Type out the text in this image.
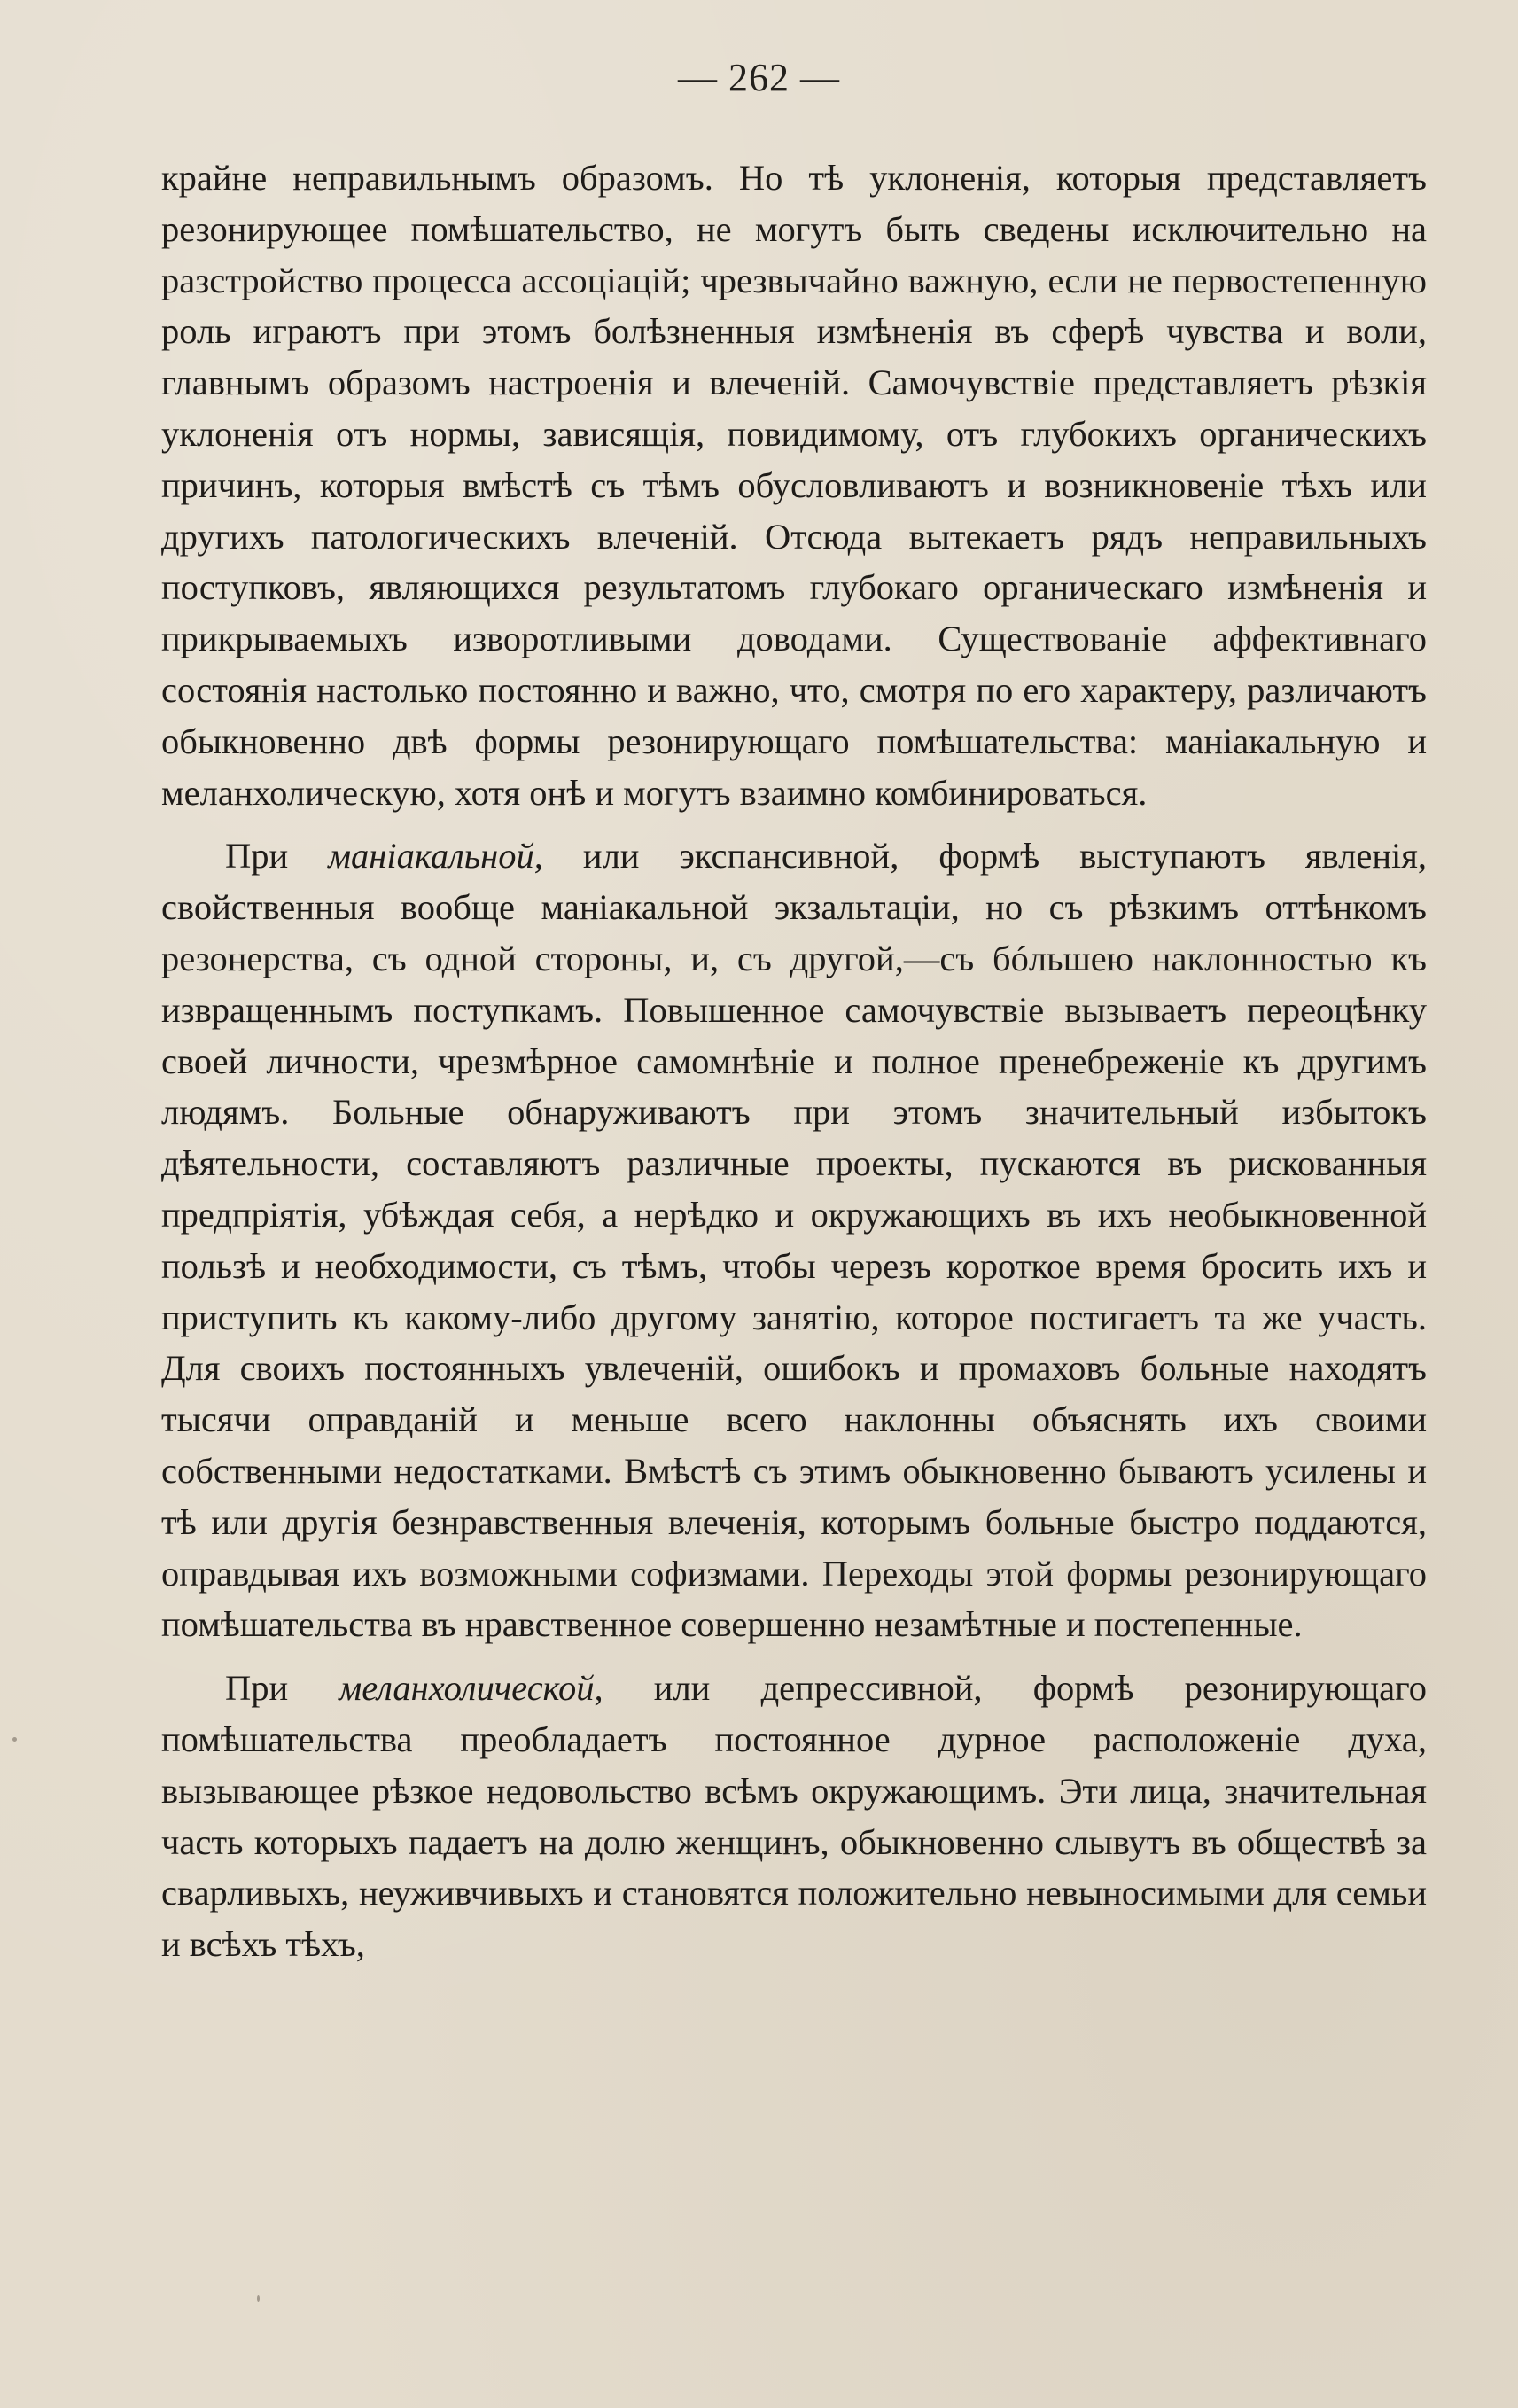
— 262 —

крайне неправильнымъ образомъ. Но тѣ уклоненія, которыя представляетъ резонирующее помѣшательство, не могутъ быть сведены исключительно на разстройство процесса ассоціацій; чрезвычайно важную, если не первостепенную роль играютъ при этомъ болѣзненныя измѣненія въ сферѣ чувства и воли, главнымъ образомъ настроенія и влеченій. Самочувствіе представляетъ рѣзкія уклоненія отъ нормы, зависящія, повидимому, отъ глубокихъ органическихъ причинъ, которыя вмѣстѣ съ тѣмъ обусловливаютъ и возникновеніе тѣхъ или другихъ патологическихъ влеченій. Отсюда вытекаетъ рядъ неправильныхъ поступковъ, являющихся результатомъ глубокаго органическаго измѣненія и прикрываемыхъ изворотливыми доводами. Существованіе аффективнаго состоянія настолько постоянно и важно, что, смотря по его характеру, различаютъ обыкновенно двѣ формы резонирующаго помѣшательства: маніакальную и меланхолическую, хотя онѣ и могутъ взаимно комбинироваться.

При маніакальной, или экспансивной, формѣ выступаютъ явленія, свойственныя вообще маніакальной экзальтаціи, но съ рѣзкимъ оттѣнкомъ резонерства, съ одной стороны, и, съ другой,—съ бóльшею наклонностью къ извращеннымъ поступкамъ. Повышенное самочувствіе вызываетъ переоцѣнку своей личности, чрезмѣрное самомнѣніе и полное пренебреженіе къ другимъ людямъ. Больные обнаруживаютъ при этомъ значительный избытокъ дѣятельности, составляютъ различные проекты, пускаются въ рискованныя предпріятія, убѣждая себя, а нерѣдко и окружающихъ въ ихъ необыкновенной пользѣ и необходимости, съ тѣмъ, чтобы черезъ короткое время бросить ихъ и приступить къ какому-либо другому занятію, которое постигаетъ та же участь. Для своихъ постоянныхъ увлеченій, ошибокъ и промаховъ больные находятъ тысячи оправданій и меньше всего наклонны объяснять ихъ своими собственными недостатками. Вмѣстѣ съ этимъ обыкновенно бываютъ усилены и тѣ или другія безнравственныя влеченія, которымъ больные быстро поддаются, оправдывая ихъ возможными софизмами. Переходы этой формы резонирующаго помѣшательства въ нравственное совершенно незамѣтные и постепенные.

При меланхолической, или депрессивной, формѣ резонирующаго помѣшательства преобладаетъ постоянное дурное расположеніе духа, вызывающее рѣзкое недовольство всѣмъ окружающимъ. Эти лица, значительная часть которыхъ падаетъ на долю женщинъ, обыкновенно слывутъ въ обществѣ за сварливыхъ, неуживчивыхъ и становятся положительно невыносимыми для семьи и всѣхъ тѣхъ,
